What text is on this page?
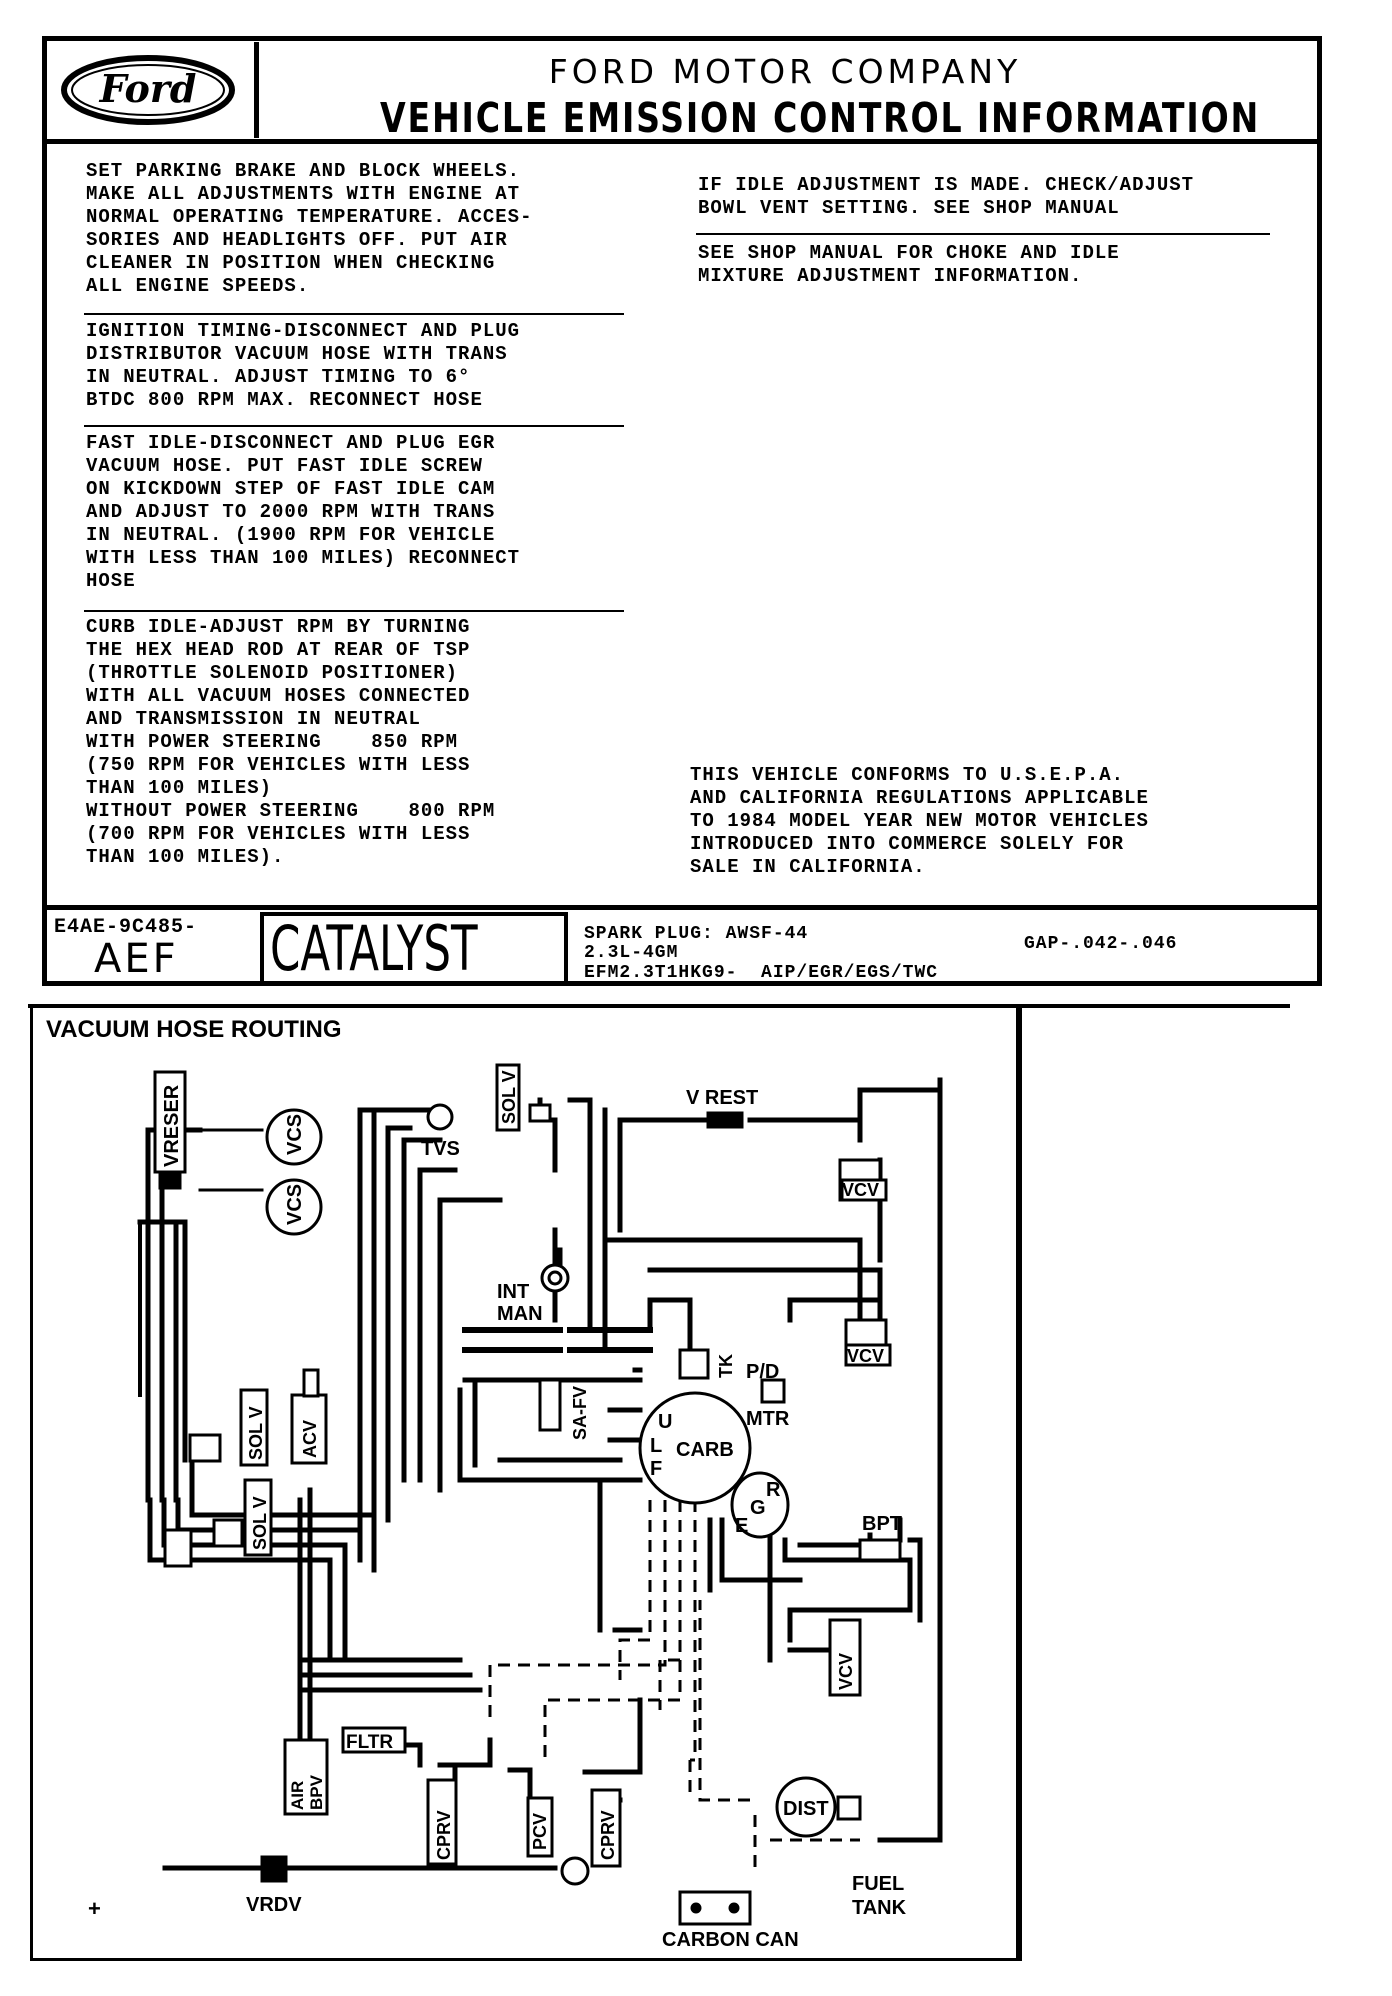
Ford	FORD MOTOR COMPANY
VEHICLE EMISSION CONTROL INFORMATION
SET PARKING BRAKE AND BLOCK WHEELS.
MAKE ALL ADJUSTMENTS WITH ENGINE AT
NORMAL OPERATING TEMPERATURE. ACCES-
SORIES AND HEADLIGHTS OFF. PUT AIR
CLEANER IN POSITION WHEN CHECKING
ALL ENGINE SPEEDS.
IGNITION TIMING-DISCONNECT AND PLUG
DISTRIBUTOR VACUUM HOSE WITH TRANS
IN NEUTRAL. ADJUST TIMING TO 6°
BTDC 800 RPM MAX. RECONNECT HOSE
FAST IDLE-DISCONNECT AND PLUG EGR
VACUUM HOSE. PUT FAST IDLE SCREW
ON KICKDOWN STEP OF FAST IDLE CAM
AND ADJUST TO 2000 RPM WITH TRANS
IN NEUTRAL. (1900 RPM FOR VEHICLE
WITH LESS THAN 100 MILES) RECONNECT
HOSE
CURB IDLE-ADJUST RPM BY TURNING
THE HEX HEAD ROD AT REAR OF TSP
(THROTTLE SOLENOID POSITIONER)
WITH ALL VACUUM HOSES CONNECTED
AND TRANSMISSION IN NEUTRAL
WITH POWER STEERING    850 RPM
(750 RPM FOR VEHICLES WITH LESS
THAN 100 MILES)
WITHOUT POWER STEERING    800 RPM
(700 RPM FOR VEHICLES WITH LESS
THAN 100 MILES).
IF IDLE ADJUSTMENT IS MADE. CHECK/ADJUST
BOWL VENT SETTING. SEE SHOP MANUAL
SEE SHOP MANUAL FOR CHOKE AND IDLE
MIXTURE ADJUSTMENT INFORMATION.
THIS VEHICLE CONFORMS TO U.S.E.P.A.
AND CALIFORNIA REGULATIONS APPLICABLE
TO 1984 MODEL YEAR NEW MOTOR VEHICLES
INTRODUCED INTO COMMERCE SOLELY FOR
SALE IN CALIFORNIA.
E4AE-9C485-
AEF CATALYST	SPARK PLUG: AWSF-44	GAP-.042-.046
2.3L-4GM
EFM2.3T1HKG9-  AIP/EGR/EGS/TWC
VACUUM HOSE ROUTING
VRESER	VCS
VCS
TVS
SOL V	V REST
VCV
INT
MAN
VCV
TK P/D
MTR
SA-FV	U
L
F
CARB
E
G
R
SOL V ACV
SOL V	BPT
VCV
AIR BPV
FLTR
CPRV	PCV	CPRV
DIST
VRDV
CARBON CAN
FUEL
TANK
+
